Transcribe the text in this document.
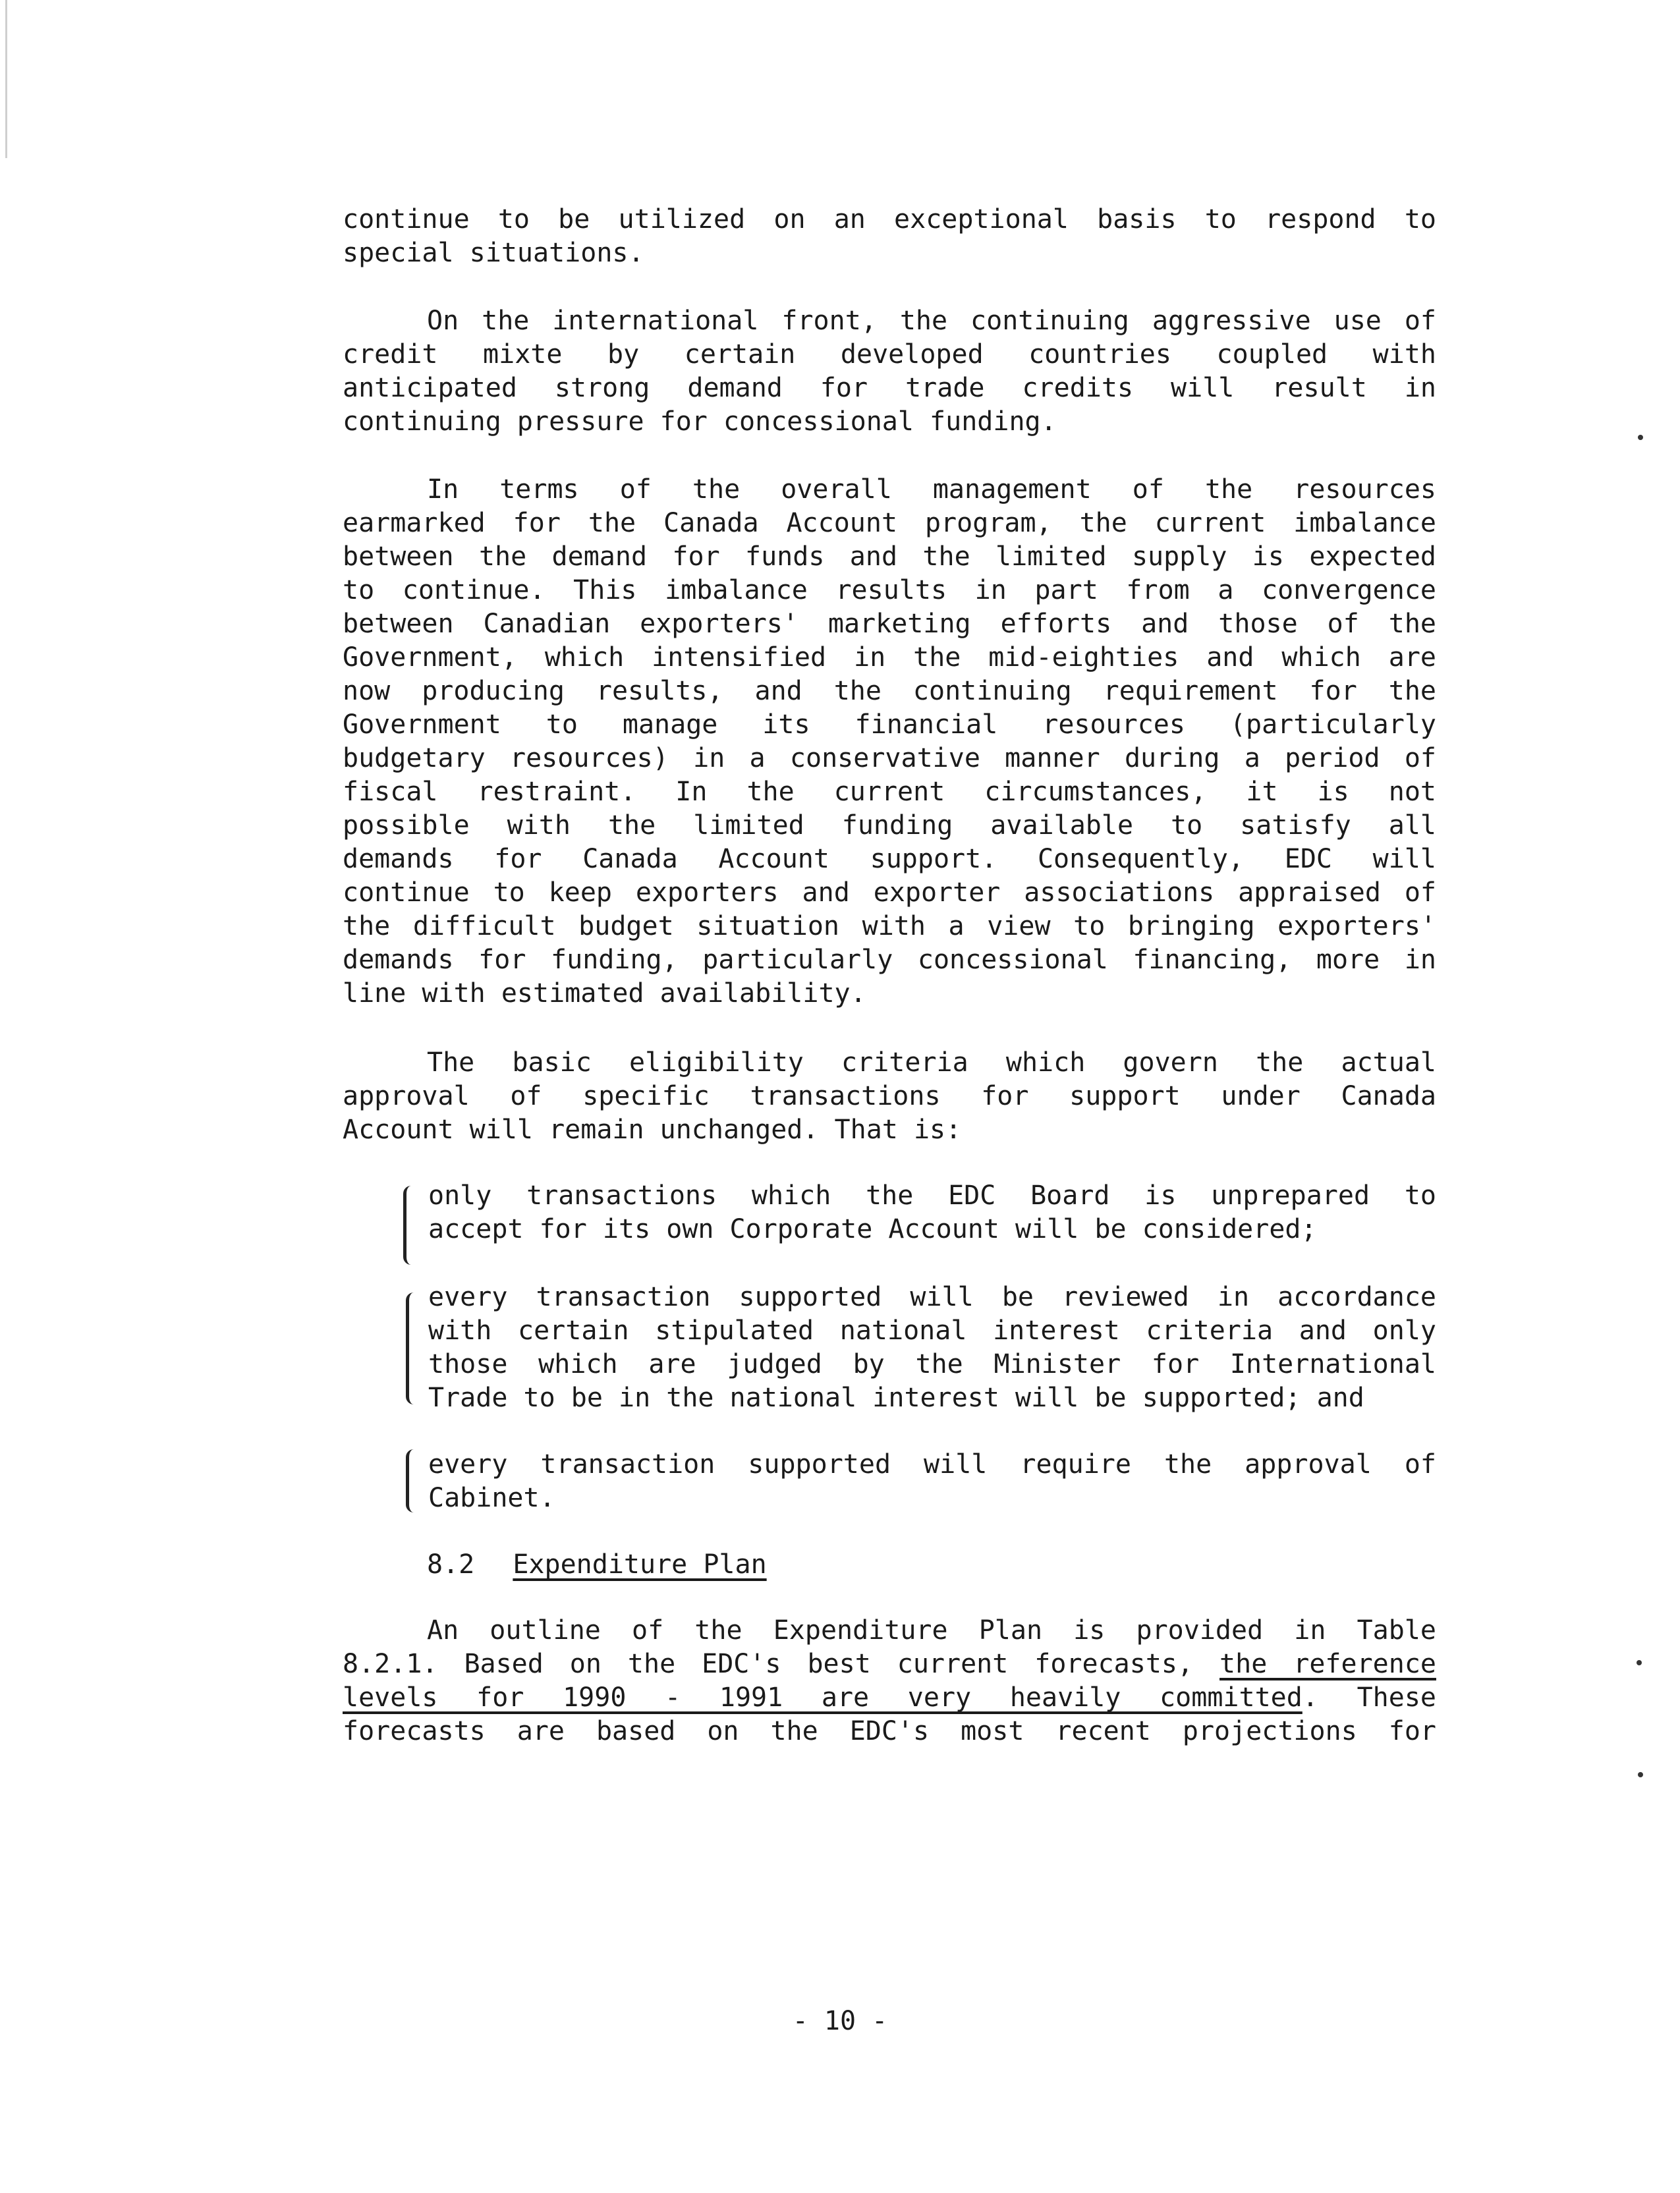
continue to be utilized on an exceptional basis to respond to
special situations.
On the international front, the continuing aggressive use of
credit mixte by certain developed countries coupled with
anticipated strong demand for trade credits will result in
continuing pressure for concessional funding.
In terms of the overall management of the resources
earmarked for the Canada Account program, the current imbalance
between the demand for funds and the limited supply is expected
to continue. This imbalance results in part from a convergence
between Canadian exporters' marketing efforts and those of the
Government, which intensified in the mid-eighties and which are
now producing results, and the continuing requirement for the
Government to manage its financial resources (particularly
budgetary resources) in a conservative manner during a period of
fiscal restraint. In the current circumstances, it is not
possible with the limited funding available to satisfy all
demands for Canada Account support. Consequently, EDC will
continue to keep exporters and exporter associations appraised of
the difficult budget situation with a view to bringing exporters'
demands for funding, particularly concessional financing, more in
line with estimated availability.
The basic eligibility criteria which govern the actual
approval of specific transactions for support under Canada
Account will remain unchanged. That is:
only transactions which the EDC Board is unprepared to
accept for its own Corporate Account will be considered;
every transaction supported will be reviewed in accordance
with certain stipulated national interest criteria and only
those which are judged by the Minister for International
Trade to be in the national interest will be supported; and
every transaction supported will require the approval of
Cabinet.
8.2 Expenditure Plan
An outline of the Expenditure Plan is provided in Table
8.2.1. Based on the EDC's best current forecasts, the reference
levels for 1990 - 1991 are very heavily committed. These
forecasts are based on the EDC's most recent projections for
- 10 -
